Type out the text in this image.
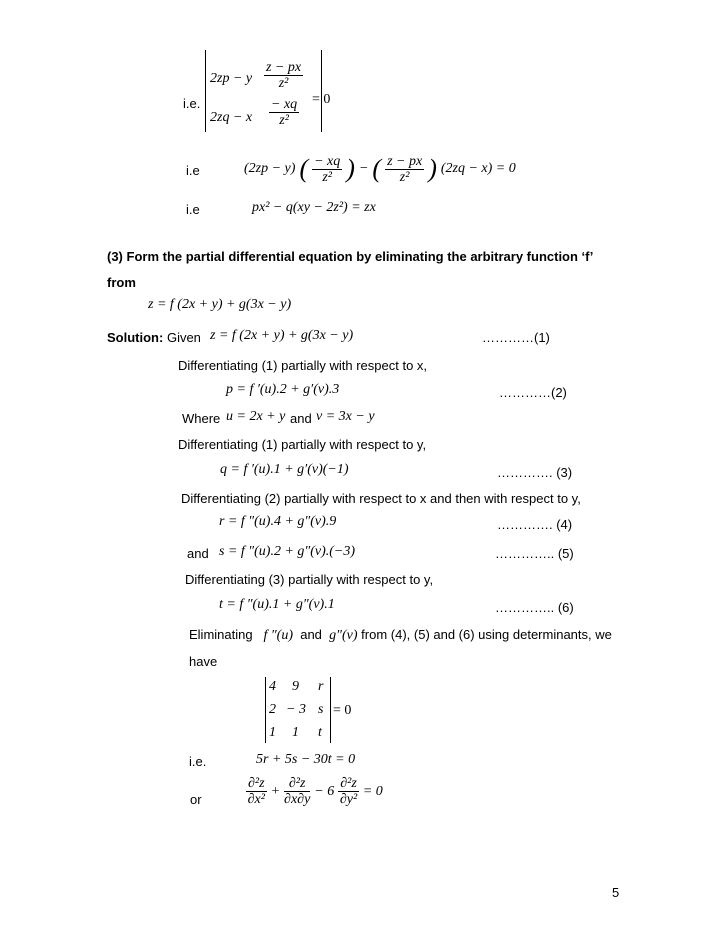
i.e.
2zp − y $\frac{z - px}{\text{z²}}$
2zq − x $\frac{- xq}{\text{z²}} = 0$
i.e	(2zp − y) ( $\frac{- xq}{\text{z²}}$ ) − ( $\frac{z - px}{\text{z²}}$ ) (2zq − x) = 0
i.e	px² − q(xy − 2z²) = zx
(3) Form the partial differential equation by eliminating the arbitrary function ‘f’
from
z = f (2x + y) + g(3x − y)
Solution: Given z = f (2x + y) + g(3x − y)	…………(1)
Differentiating (1) partially with respect to x,
p = f ′(u).2 + g′(v).3	…………(2)
Where u = 2x + y and v = 3x − y
Differentiating (1) partially with respect to y,
q = f ′(u).1 + g′(v)(−1)	…………. (3)
Differentiating (2) partially with respect to x and then with respect to y,
r = f ″(u).4 + g″(v).9	…………. (4)
and s = f ″(u).2 + g″(v).(−3)	………….. (5)
Differentiating (3) partially with respect to y,
t = f ″(u).1 + g″(v).1	………….. (6)
Eliminating f ″(u) and g″(v) from (4), (5) and (6) using determinants, we
have
4 9 r
2 − 3 s
1 1 t
= 0
i.e.	5r + 5s − 30t = 0
or	$\frac{\text{∂²z}}{\text{∂x²}} + \frac{\text{∂²z}}{\partial x\partial y} - 6 \frac{\text{∂²z}}{\text{∂y²}} = 0$
5
